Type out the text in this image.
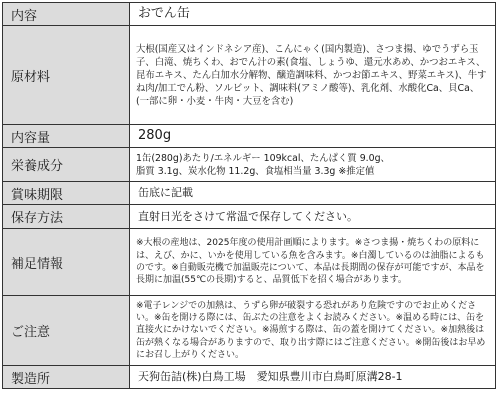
内容	おでん缶
原材料	大根(国産又はインドネシア産)、こんにゃく(国内製造)、さつま揚、ゆでうずら玉子、白滝、焼ちくわ、おでん汁の素(食塩、しょうゆ、還元水あめ、かつおエキス、昆布エキス、たん白加水分解物、醸造調味料、かつお節エキス、野菜エキス)、牛すね肉/加工でん粉、ソルビット、調味料(アミノ酸等)、乳化剤、水酸化Ca、貝Ca、(一部に卵・小麦・牛肉・大豆を含む)
内容量	280g
栄養成分	1缶(280g)あたり/エネルギー 109kcal、たんぱく質 9.0g、
脂質 3.1g、炭水化物 11.2g、食塩相当量 3.3g ※推定値

賞味期限	缶底に記載
保存方法	直射日光をさけて常温で保存してください。
補足情報	※大根の産地は、2025年度の使用計画順によります。※さつま揚・焼ちくわの原料には、えび、かに、いかを使用している魚を含みます。※白濁しているのは油脂によるものです。※自動販売機で加温販売について、本品は長期間の保存が可能ですが、本品を長期に加温(55℃の長期)すると、品質低下を招く場合があります。
ご注意	※電子レンジでの加熱は、うずら卵が破裂する恐れがあり危険ですのでお止めください。※缶を開ける際には、缶ぶたの注意をよくお読みください。※温める時には、缶を直接火にかけないでください。※湯煎する際は、缶の蓋を開けてください。※加熱後は缶が熱くなる場合がありますので、取り出す際にはご注意ください。※開缶後はお早めにお召し上がりください。
製造所	天狗缶詰(株)白鳥工場　愛知県豊川市白鳥町原溝28-1
